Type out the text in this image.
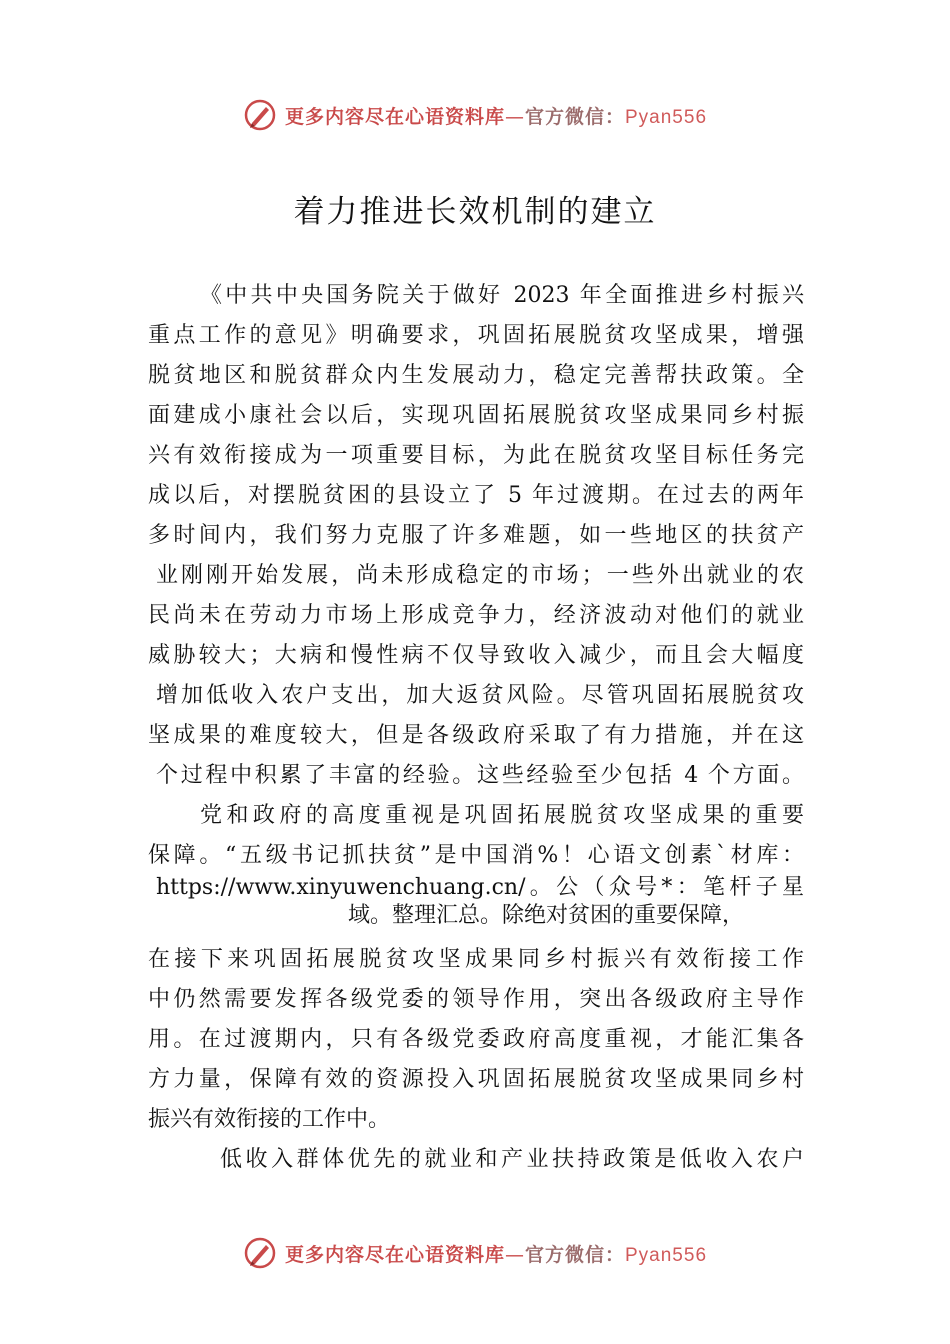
更多内容尽在心语资料库—官方微信：Pyan556
着力推进长效机制的建立
《中共中央国务院关于做好 2023 年全面推进乡村振兴
重点工作的意见》明确要求，巩固拓展脱贫攻坚成果，增强
脱贫地区和脱贫群众内生发展动力，稳定完善帮扶政策。全
面建成小康社会以后，实现巩固拓展脱贫攻坚成果同乡村振
兴有效衔接成为一项重要目标，为此在脱贫攻坚目标任务完
成以后，对摆脱贫困的县设立了 5 年过渡期。在过去的两年
多时间内，我们努力克服了许多难题，如一些地区的扶贫产
业刚刚开始发展，尚未形成稳定的市场；一些外出就业的农
民尚未在劳动力市场上形成竞争力，经济波动对他们的就业
威胁较大；大病和慢性病不仅导致收入减少，而且会大幅度
增加低收入农户支出，加大返贫风险。尽管巩固拓展脱贫攻
坚成果的难度较大，但是各级政府采取了有力措施，并在这
个过程中积累了丰富的经验。这些经验至少包括 4 个方面。
党和政府的高度重视是巩固拓展脱贫攻坚成果的重要
保障。“五级书记抓扶贫”是中国消%！心语文创素`材库：
https://www.xinyuwenchuang.cn/。公（众号*：笔杆子星
域。整理汇总。除绝对贫困的重要保障，
在接下来巩固拓展脱贫攻坚成果同乡村振兴有效衔接工作
中仍然需要发挥各级党委的领导作用，突出各级政府主导作
用。在过渡期内，只有各级党委政府高度重视，才能汇集各
方力量，保障有效的资源投入巩固拓展脱贫攻坚成果同乡村
振兴有效衔接的工作中。
低收入群体优先的就业和产业扶持政策是低收入农户
更多内容尽在心语资料库—官方微信：Pyan556
